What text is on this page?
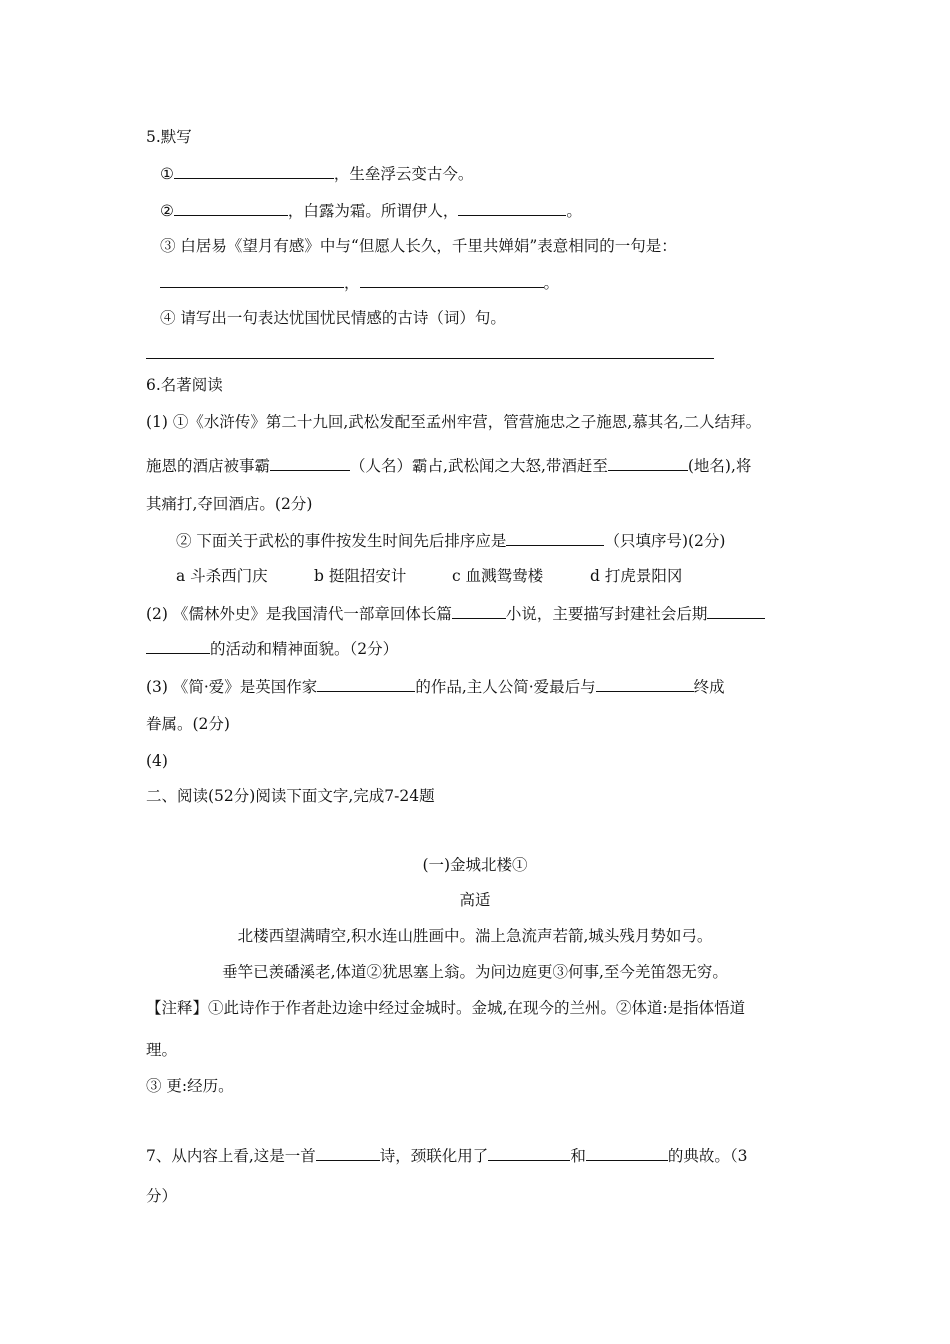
5.默写
①	，生垒浮云变古今。
②	，白露为霜。所谓伊人，	。
③ 白居易《望月有感》中与“但愿人长久，千里共婵娟”表意相同的一句是：
，	。
④ 请写出一句表达忧国忧民情感的古诗（词）句。
6.名著阅读
(1) ①《水浒传》第二十九回,武松发配至孟州牢营，管营施忠之子施恩,慕其名,二人结拜。
施恩的酒店被事霸	（人名）霸占,武松闻之大怒,带酒赶至	(地名),将
其痛打,夺回酒店。(2分)
② 下面关于武松的事件按发生时间先后排序应是	（只填序号)(2分)
a 斗杀西门庆	b 挺阻招安计	c 血溅鸳鸯楼	d 打虎景阳冈
(2) 《儒林外史》是我国清代一部章回体长篇	小说，主要描写封建社会后期
的活动和精神面貌。（2分）
(3) 《简·爱》是英国作家	的作品,主人公简·爱最后与	终成
眷属。(2分)
(4)
二、阅读(52分)阅读下面文字,完成7-24题
(一)金城北楼①
高适
北楼西望满晴空,积水连山胜画中。湍上急流声若箭,城头残月势如弓。
垂竿已羡磻溪老,体道②犹思塞上翁。为问边庭更③何事,至今羌笛怨无穷。
【注释】①此诗作于作者赴边途中经过金城时。金城,在现今的兰州。②体道:是指体悟道
理。
③ 更:经历。
7、从内容上看,这是一首	诗，颈联化用了	和	的典故。（3
分）
